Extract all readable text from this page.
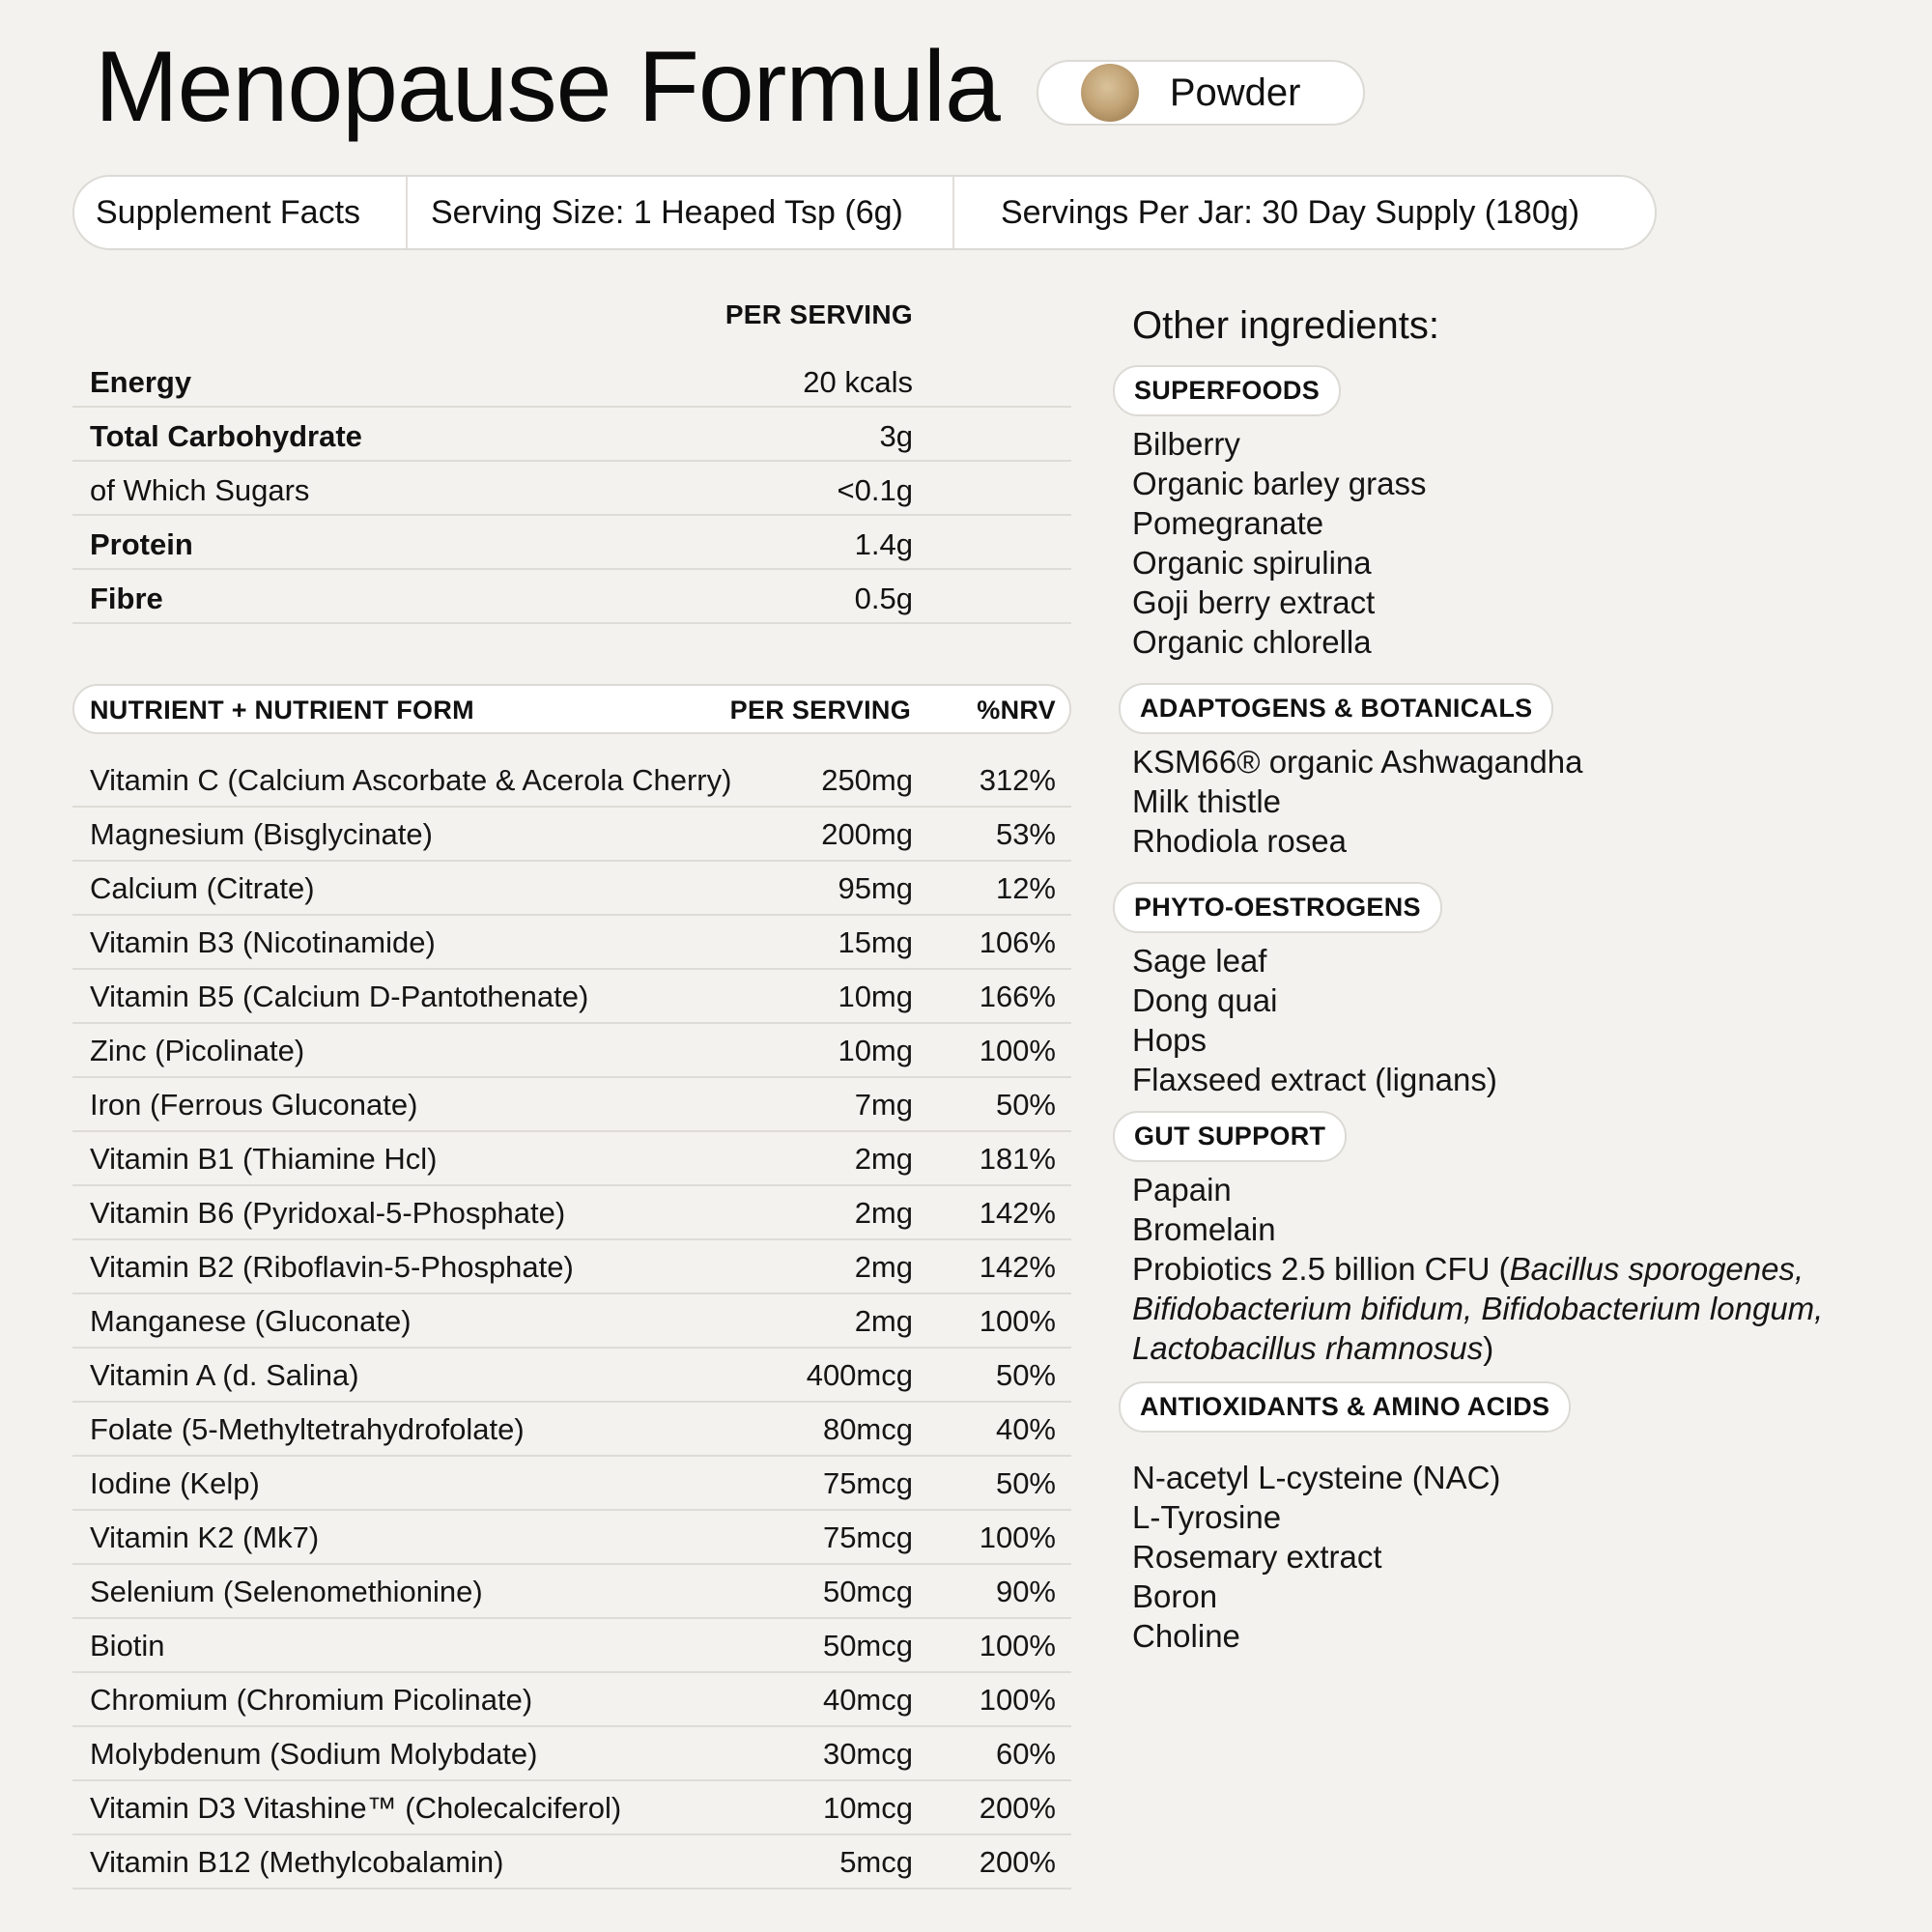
Menopause Formula	Powder
Supplement Facts	Serving Size: 1 Heaped Tsp (6g)	Servings Per Jar: 30 Day Supply (180g)
PER SERVING
Energy	20 kcals
Total Carbohydrate	3g
of Which Sugars	<0.1g
Protein	1.4g
Fibre	0.5g
NUTRIENT + NUTRIENT FORM	PER SERVING	%NRV
Vitamin C (Calcium Ascorbate & Acerola Cherry)	250mg 312%
Magnesium (Bisglycinate)	200mg	53%
Calcium (Citrate)	95mg	12%
Vitamin B3 (Nicotinamide)	15mg 106%
Vitamin B5 (Calcium D-Pantothenate)	10mg 166%
Zinc (Picolinate)	10mg 100%
Iron (Ferrous Gluconate)	7mg	50%
Vitamin B1 (Thiamine Hcl)	2mg 181%
Vitamin B6 (Pyridoxal-5-Phosphate)	2mg 142%
Vitamin B2 (Riboflavin-5-Phosphate)	2mg 142%
Manganese (Gluconate)	2mg 100%
Vitamin A (d. Salina)	400mcg	50%
Folate (5-Methyltetrahydrofolate)	80mcg	40%
Iodine (Kelp)	75mcg	50%
Vitamin K2 (Mk7)	75mcg 100%
Selenium (Selenomethionine)	50mcg	90%
Biotin	50mcg 100%
Chromium (Chromium Picolinate)	40mcg 100%
Molybdenum (Sodium Molybdate)	30mcg	60%
Vitamin D3 Vitashine™ (Cholecalciferol)	10mcg 200%
Vitamin B12 (Methylcobalamin)	5mcg 200%
Other ingredients:
SUPERFOODS
Bilberry
Organic barley grass
Pomegranate
Organic spirulina
Goji berry extract
Organic chlorella
ADAPTOGENS & BOTANICALS
KSM66® organic Ashwagandha
Milk thistle
Rhodiola rosea
PHYTO-OESTROGENS
Sage leaf
Dong quai
Hops
Flaxseed extract (lignans)
GUT SUPPORT
Papain
Bromelain
Probiotics 2.5 billion CFU (Bacillus sporogenes,
Bifidobacterium bifidum, Bifidobacterium longum,
Lactobacillus rhamnosus)
ANTIOXIDANTS & AMINO ACIDS
N-acetyl L-cysteine (NAC)
L-Tyrosine
Rosemary extract
Boron
Choline
